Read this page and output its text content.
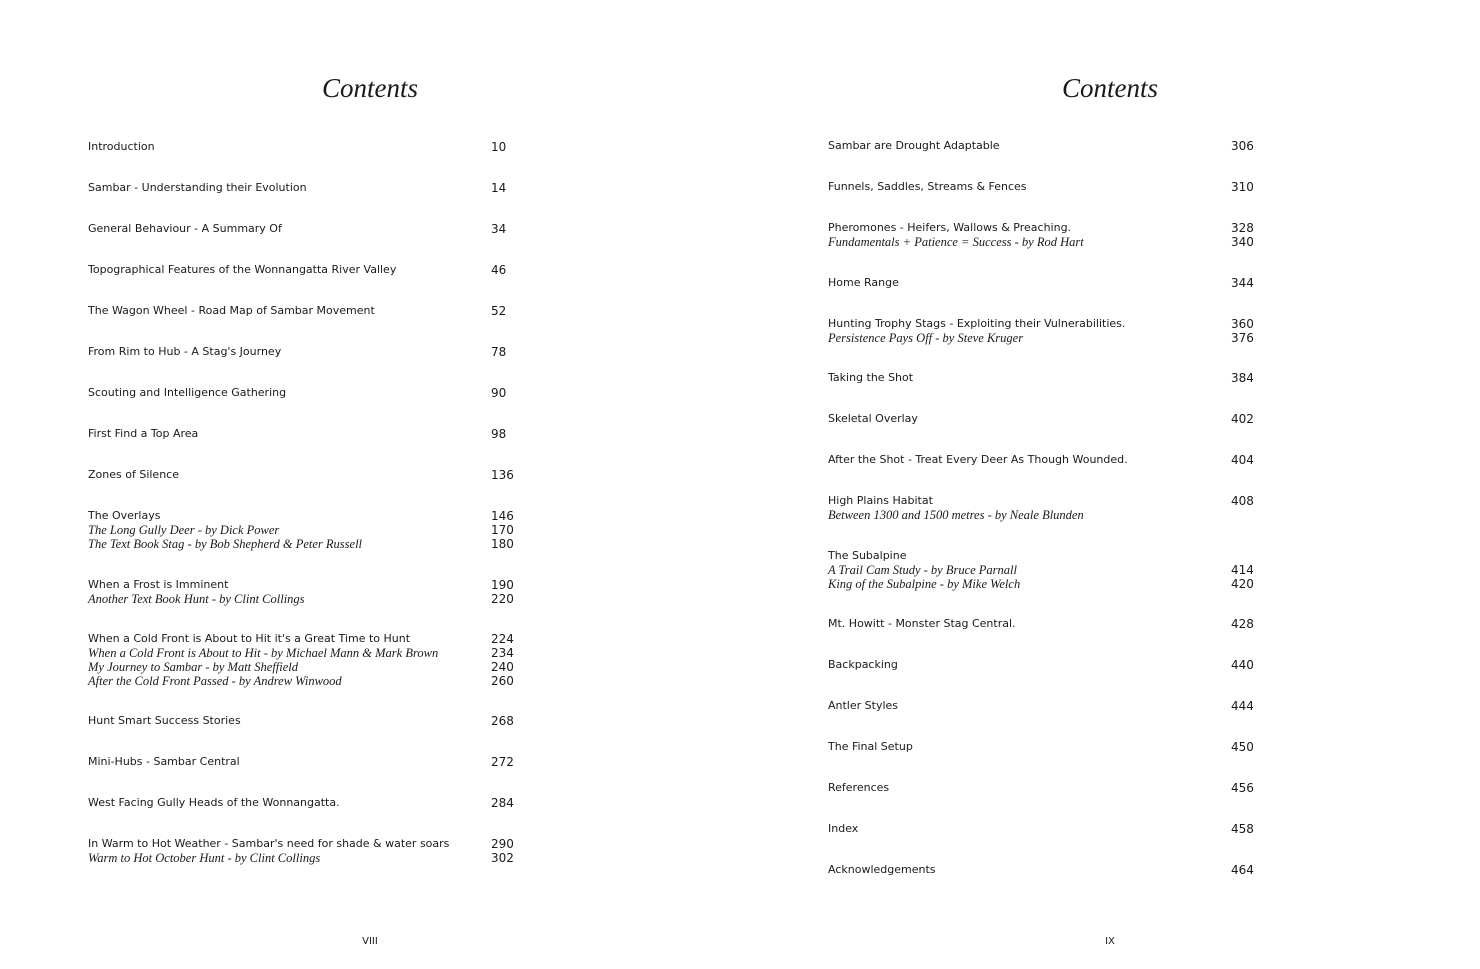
Contents
Introduction	10
Sambar - Understanding their Evolution	14
General Behaviour - A Summary Of	34
Topographical Features of the Wonnangatta River Valley	46
The Wagon Wheel - Road Map of Sambar Movement	52
From Rim to Hub - A Stag's Journey	78
Scouting and Intelligence Gathering	90
First Find a Top Area	98
Zones of Silence	136
The Overlays	146
The Long Gully Deer - by Dick Power	170
The Text Book Stag - by Bob Shepherd & Peter Russell	180
When a Frost is Imminent	190
Another Text Book Hunt - by Clint Collings	220
When a Cold Front is About to Hit it's a Great Time to Hunt	224
When a Cold Front is About to Hit - by Michael Mann & Mark Brown	234
My Journey to Sambar - by Matt Sheffield	240
After the Cold Front Passed - by Andrew Winwood	260
Hunt Smart Success Stories	268
Mini-Hubs - Sambar Central	272
West Facing Gully Heads of the Wonnangatta.	284
In Warm to Hot Weather - Sambar's need for shade & water soars	290
Warm to Hot October Hunt - by Clint Collings	302
VIII
Contents
Sambar are Drought Adaptable	306
Funnels, Saddles, Streams & Fences	310
Pheromones - Heifers, Wallows & Preaching.	328
Fundamentals + Patience = Success - by Rod Hart	340
Home Range	344
Hunting Trophy Stags - Exploiting their Vulnerabilities.	360
Persistence Pays Off - by Steve Kruger	376
Taking the Shot	384
Skeletal Overlay	402
After the Shot - Treat Every Deer As Though Wounded.	404
High Plains Habitat	408
Between 1300 and 1500 metres - by Neale Blunden
The Subalpine
A Trail Cam Study - by Bruce Parnall	414
King of the Subalpine - by Mike Welch	420
Mt. Howitt - Monster Stag Central.	428
Backpacking	440
Antler Styles	444
The Final Setup	450
References	456
Index	458
Acknowledgements	464
IX
